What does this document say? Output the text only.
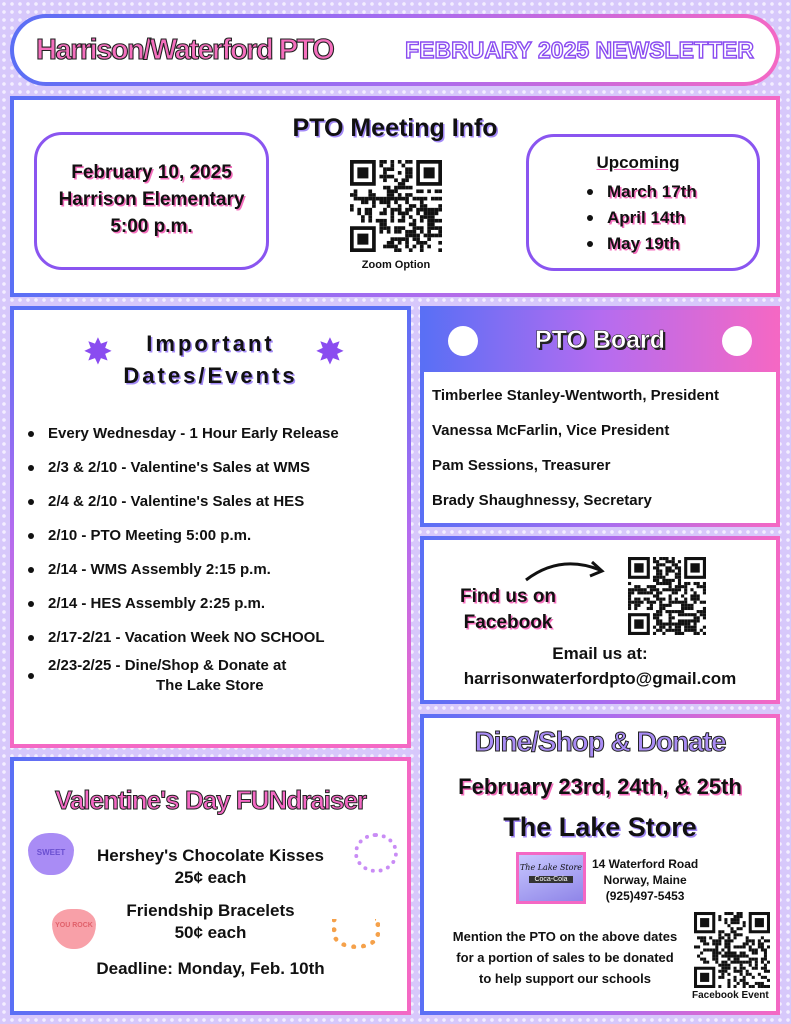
Harrison/Waterford PTO	FEBRUARY 2025 NEWSLETTER
PTO Meeting Info
February 10, 2025
Harrison Elementary
5:00 p.m.
Zoom Option
Upcoming
March 17th
April 14th
May 19th
✸	✸
Important
Dates/Events
Every Wednesday - 1 Hour Early Release
2/3 & 2/10 - Valentine's Sales at WMS
2/4 & 2/10 - Valentine's Sales at HES
2/10 - PTO Meeting 5:00 p.m.
2/14 - WMS Assembly 2:15 p.m.
2/14 - HES Assembly 2:25 p.m.
2/17-2/21 - Vacation Week NO SCHOOL
2/23-2/25 - Dine/Shop & Donate at
The Lake Store
PTO Board
Timberlee Stanley-Wentworth, President
Vanessa McFarlin, Vice President
Pam Sessions, Treasurer
Brady Shaughnessy, Secretary
Find us on
Facebook
Email us at:
harrisonwaterfordpto@gmail.com
Valentine's Day FUNdraiser
SWEET
YOU ROCK
Hershey's Chocolate Kisses
25¢ each
Friendship Bracelets
50¢ each
Deadline: Monday, Feb. 10th
Dine/Shop & Donate
February 23rd, 24th, & 25th
The Lake Store
The Lake Store
Coca-Cola
14 Waterford Road
Norway, Maine
(925)497-5453
Mention the PTO on the above dates
for a portion of sales to be donated
to help support our schools
Facebook Event
